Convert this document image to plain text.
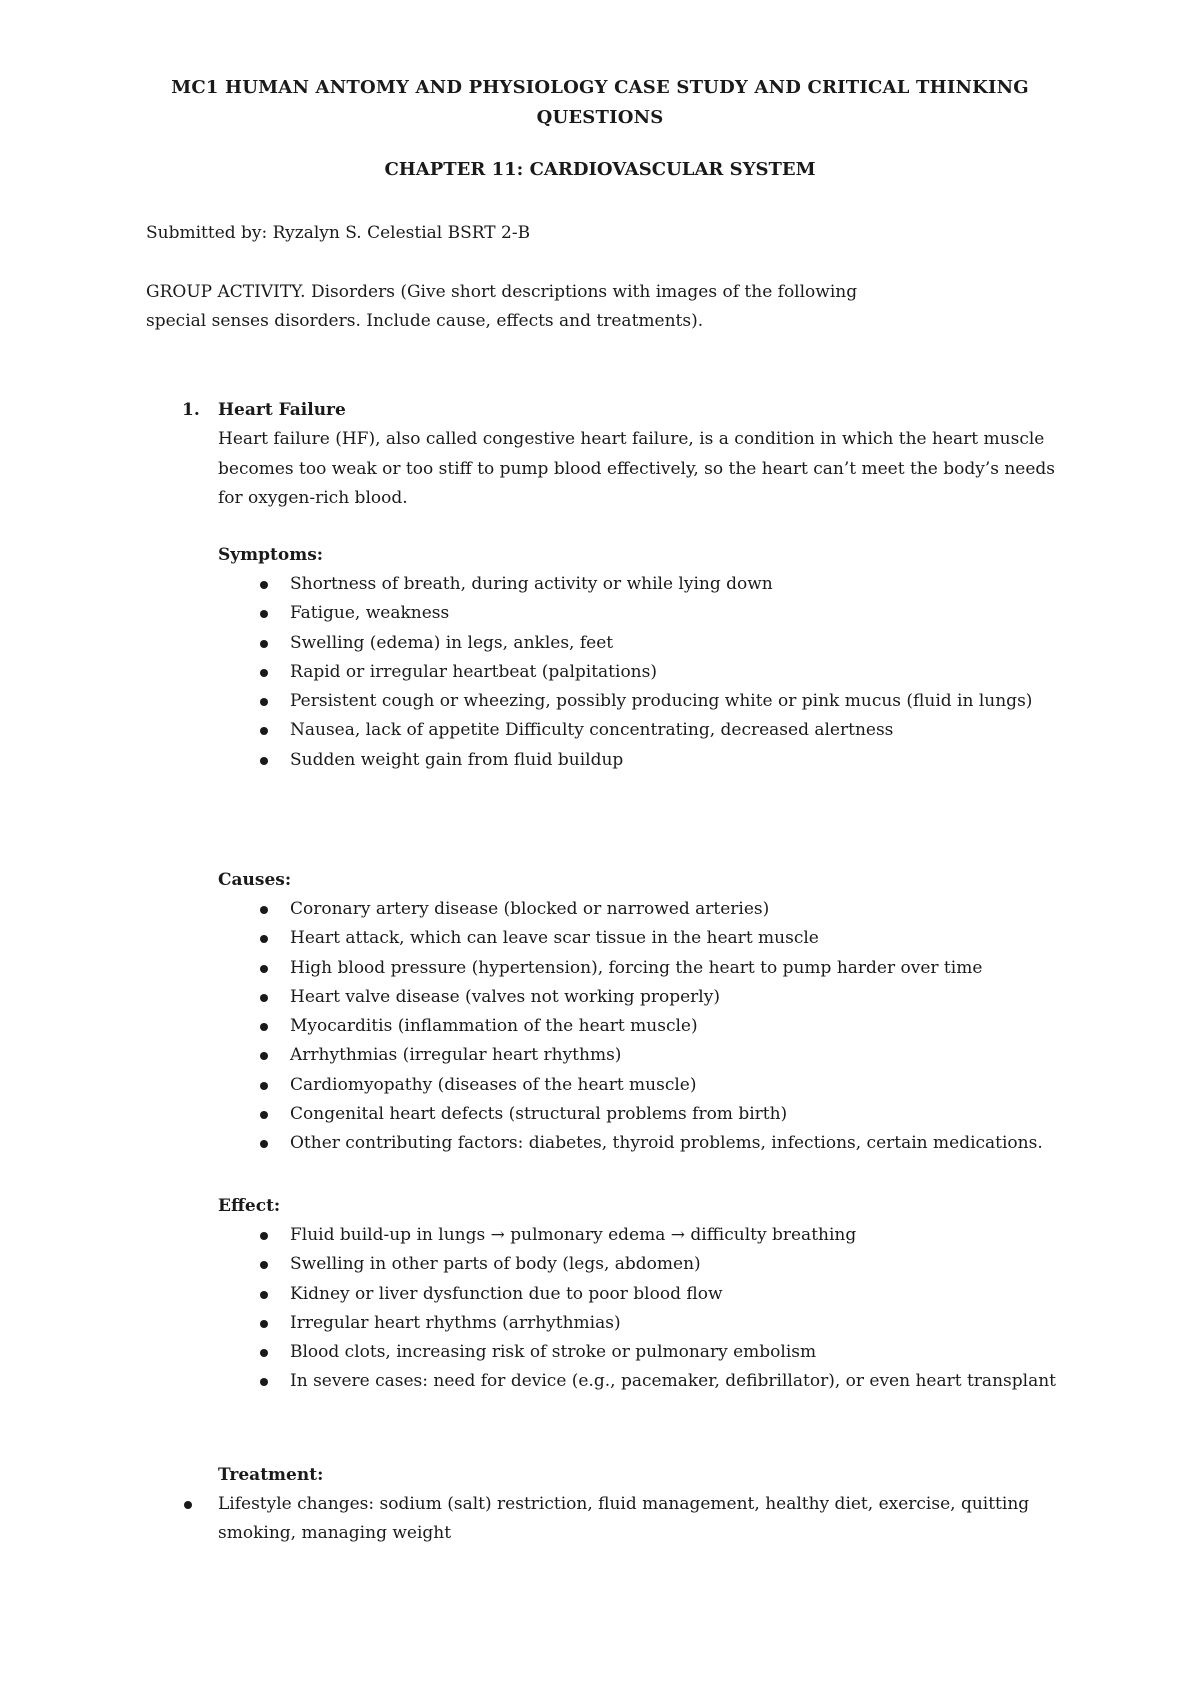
MC1 HUMAN ANTOMY AND PHYSIOLOGY CASE STUDY AND CRITICAL THINKING QUESTIONS
CHAPTER 11: CARDIOVASCULAR SYSTEM
Submitted by: Ryzalyn S. Celestial BSRT 2-B
GROUP ACTIVITY. Disorders (Give short descriptions with images of the following
special senses disorders. Include cause, effects and treatments).
1. Heart Failure
Heart failure (HF), also called congestive heart failure, is a condition in which the heart muscle becomes too weak or too stiff to pump blood effectively, so the heart can’t meet the body’s needs for oxygen-rich blood.
Symptoms:
Shortness of breath, during activity or while lying down
Fatigue, weakness
Swelling (edema) in legs, ankles, feet
Rapid or irregular heartbeat (palpitations)
Persistent cough or wheezing, possibly producing white or pink mucus (fluid in lungs)
Nausea, lack of appetite Difficulty concentrating, decreased alertness
Sudden weight gain from fluid buildup
Causes:
Coronary artery disease (blocked or narrowed arteries)
Heart attack, which can leave scar tissue in the heart muscle
High blood pressure (hypertension), forcing the heart to pump harder over time
Heart valve disease (valves not working properly)
Myocarditis (inflammation of the heart muscle)
Arrhythmias (irregular heart rhythms)
Cardiomyopathy (diseases of the heart muscle)
Congenital heart defects (structural problems from birth)
Other contributing factors: diabetes, thyroid problems, infections, certain medications.
Effect:
Fluid build-up in lungs → pulmonary edema → difficulty breathing
Swelling in other parts of body (legs, abdomen)
Kidney or liver dysfunction due to poor blood flow
Irregular heart rhythms (arrhythmias)
Blood clots, increasing risk of stroke or pulmonary embolism
In severe cases: need for device (e.g., pacemaker, defibrillator), or even heart transplant
Treatment:
Lifestyle changes: sodium (salt) restriction, fluid management, healthy diet, exercise, quitting smoking, managing weight
